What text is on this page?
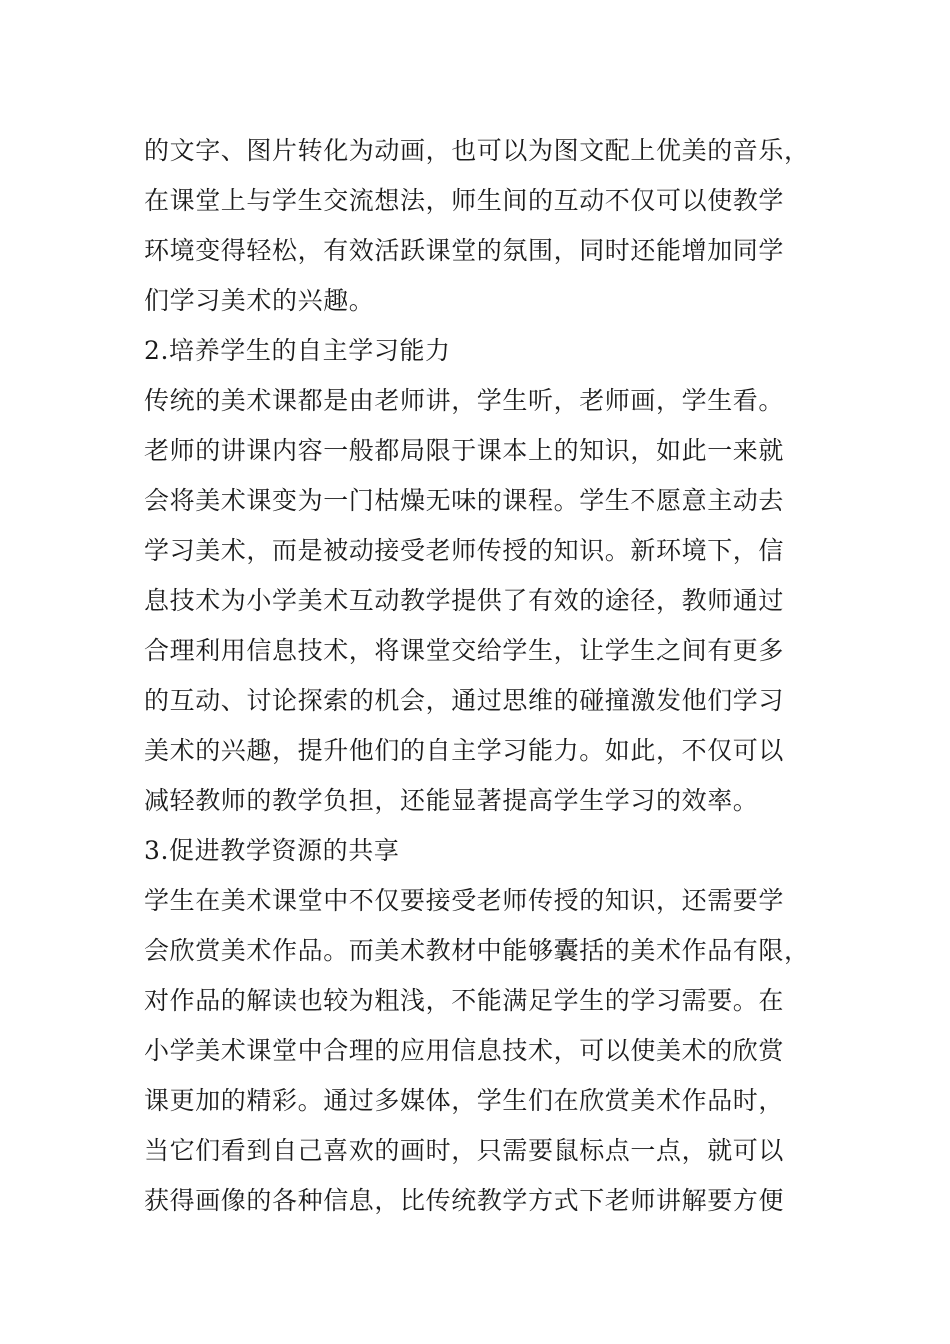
的文字、图片转化为动画，也可以为图文配上优美的音乐，
在课堂上与学生交流想法，师生间的互动不仅可以使教学
环境变得轻松，有效活跃课堂的氛围，同时还能增加同学
们学习美术的兴趣。
2.培养学生的自主学习能力
传统的美术课都是由老师讲，学生听，老师画，学生看。
老师的讲课内容一般都局限于课本上的知识，如此一来就
会将美术课变为一门枯燥无味的课程。学生不愿意主动去
学习美术，而是被动接受老师传授的知识。新环境下，信
息技术为小学美术互动教学提供了有效的途径，教师通过
合理利用信息技术，将课堂交给学生，让学生之间有更多
的互动、讨论探索的机会，通过思维的碰撞激发他们学习
美术的兴趣，提升他们的自主学习能力。如此，不仅可以
减轻教师的教学负担，还能显著提高学生学习的效率。
3.促进教学资源的共享
学生在美术课堂中不仅要接受老师传授的知识，还需要学
会欣赏美术作品。而美术教材中能够囊括的美术作品有限，
对作品的解读也较为粗浅，不能满足学生的学习需要。在
小学美术课堂中合理的应用信息技术，可以使美术的欣赏
课更加的精彩。通过多媒体，学生们在欣赏美术作品时，
当它们看到自己喜欢的画时，只需要鼠标点一点，就可以
获得画像的各种信息，比传统教学方式下老师讲解要方便
